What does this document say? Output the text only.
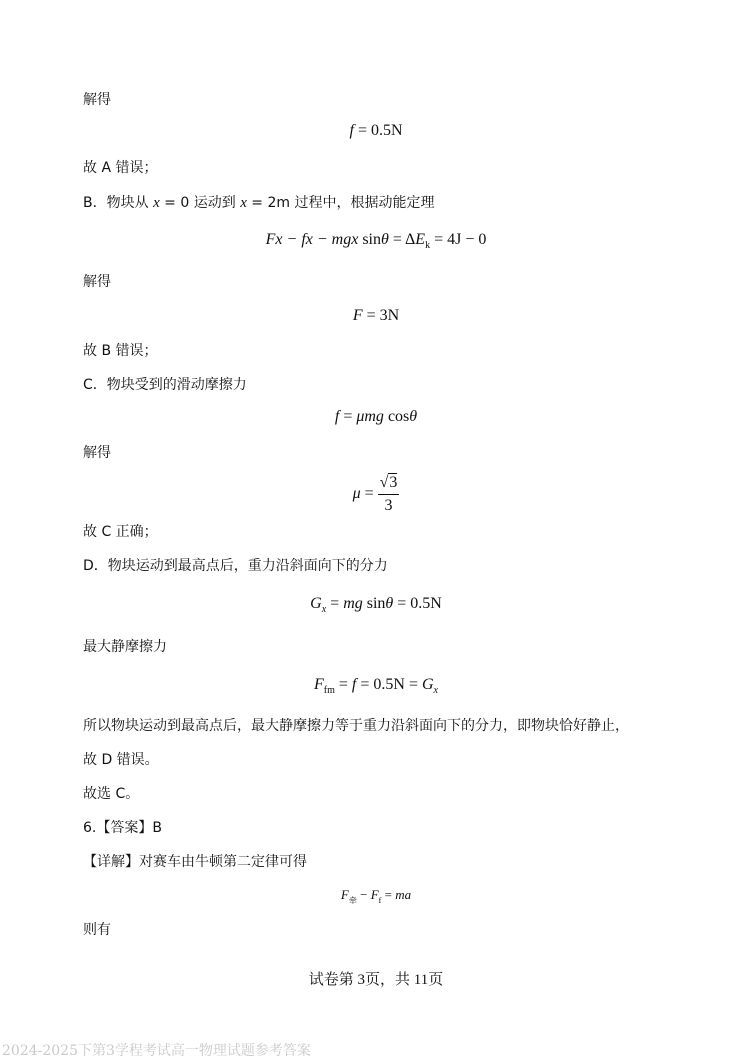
解得
f = 0.5N
故 A 错误；
B．物块从 x = 0 运动到 x = 2m 过程中，根据动能定理
Fx − fx − mgx $\sin\theta = \Delta E_k = 4J - 0$
解得
F = 3N
故 B 错误；
C．物块受到的滑动摩擦力
f = μmg cosθ
解得
$\mu = \frac{√3}{3}$
故 C 正确；
D．物块运动到最高点后，重力沿斜面向下的分力
$G_x$ = mg sinθ = 0.5N
最大静摩擦力
$F_{fm} = f = 0.5N = G_x$
所以物块运动到最高点后，最大静摩擦力等于重力沿斜面向下的分力，即物块恰好静止，
故 D 错误。
故选 C。
6.【答案】B
【详解】对赛车由牛顿第二定律可得
$F_牵 - F_f$ = ma
则有
试卷第 3页，共 11页
2024-2025下第3学程考试高一物理试题参考答案
